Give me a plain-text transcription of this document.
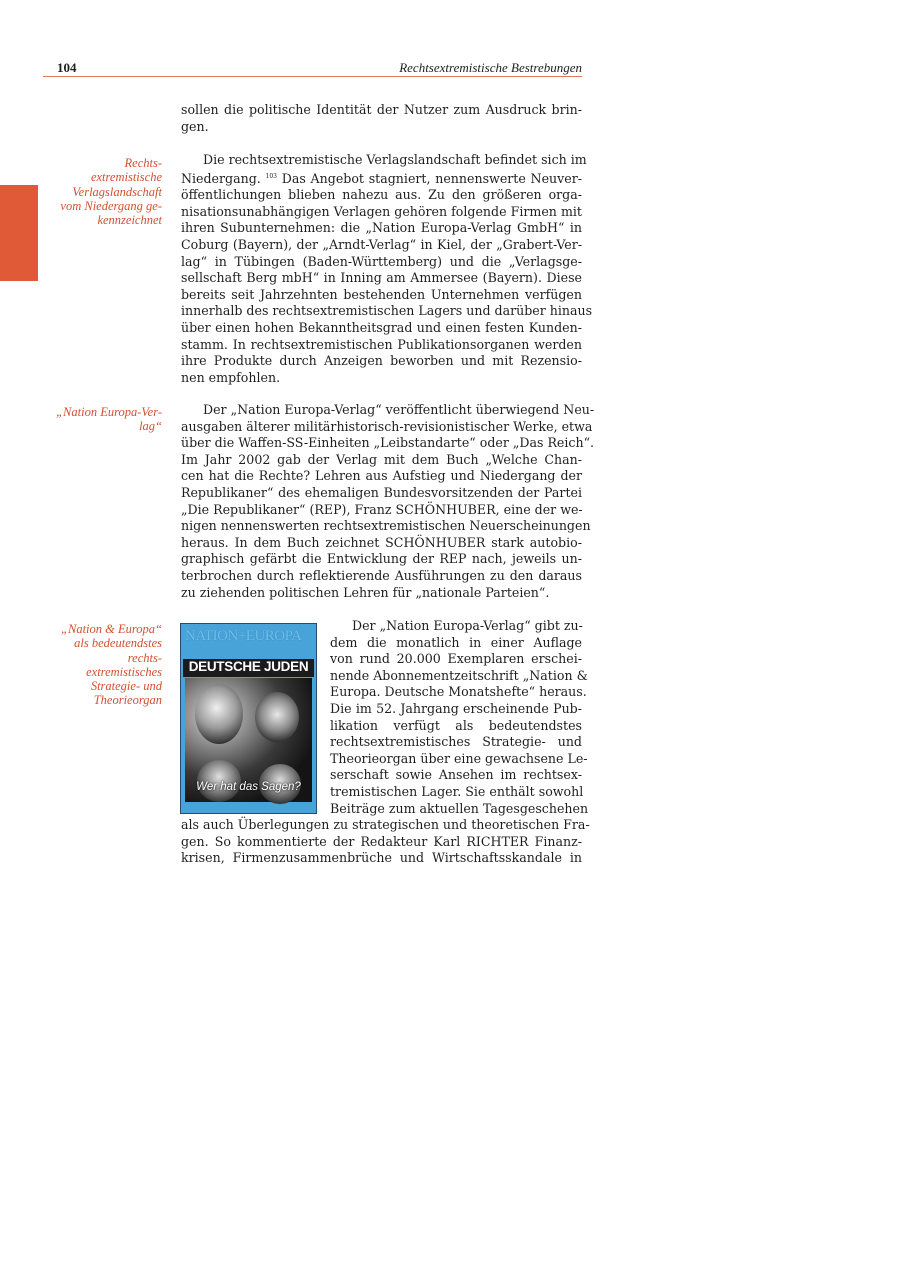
104	Rechtsextremistische Bestrebungen
Rechts-
extremistische
Verlagslandschaft
vom Niedergang ge-
kennzeichnet
„Nation Europa-Ver-
lag“
„Nation & Europa“
als bedeutendstes
rechts-
extremistisches
Strategie- und
Theorieorgan
sollen die politische Identität der Nutzer zum Ausdruck brin-
gen.
Die rechtsextremistische Verlagslandschaft befindet sich im
Niedergang. $^{103}$ Das Angebot stagniert, nennenswerte Neuver-
öffentlichungen blieben nahezu aus. Zu den größeren orga-
nisationsunabhängigen Verlagen gehören folgende Firmen mit
ihren Subunternehmen: die „Nation Europa-Verlag GmbH“ in
Coburg (Bayern), der „Arndt-Verlag“ in Kiel, der „Grabert-Ver-
lag“ in Tübingen (Baden-Württemberg) und die „Verlagsge-
sellschaft Berg mbH“ in Inning am Ammersee (Bayern). Diese
bereits seit Jahrzehnten bestehenden Unternehmen verfügen
innerhalb des rechtsextremistischen Lagers und darüber hinaus
über einen hohen Bekanntheitsgrad und einen festen Kunden-
stamm. In rechtsextremistischen Publikationsorganen werden
ihre Produkte durch Anzeigen beworben und mit Rezensio-
nen empfohlen.
Der „Nation Europa-Verlag“ veröffentlicht überwiegend Neu-
ausgaben älterer militärhistorisch-revisionistischer Werke, etwa
über die Waffen-SS-Einheiten „Leibstandarte“ oder „Das Reich“.
Im Jahr 2002 gab der Verlag mit dem Buch „Welche Chan-
cen hat die Rechte? Lehren aus Aufstieg und Niedergang der
Republikaner“ des ehemaligen Bundesvorsitzenden der Partei
„Die Republikaner“ (REP), Franz SCHÖNHUBER, eine der we-
nigen nennenswerten rechtsextremistischen Neuerscheinungen
heraus. In dem Buch zeichnet SCHÖNHUBER stark autobio-
graphisch gefärbt die Entwicklung der REP nach, jeweils un-
terbrochen durch reflektierende Ausführungen zu den daraus
zu ziehenden politischen Lehren für „nationale Parteien“.
NATION+EUROPA
DEUTSCHE JUDEN
Wer hat das Sagen?
Der „Nation Europa-Verlag“ gibt zu-
dem die monatlich in einer Auflage
von rund 20.000 Exemplaren erschei-
nende Abonnementzeitschrift „Nation &
Europa. Deutsche Monatshefte“ heraus.
Die im 52. Jahrgang erscheinende Pub-
likation verfügt als bedeutendstes
rechtsextremistisches Strategie- und
Theorieorgan über eine gewachsene Le-
serschaft sowie Ansehen im rechtsex-
tremistischen Lager. Sie enthält sowohl
Beiträge zum aktuellen Tagesgeschehen
als auch Überlegungen zu strategischen und theoretischen Fra-
gen. So kommentierte der Redakteur Karl RICHTER Finanz-
krisen, Firmenzusammenbrüche und Wirtschaftsskandale in
